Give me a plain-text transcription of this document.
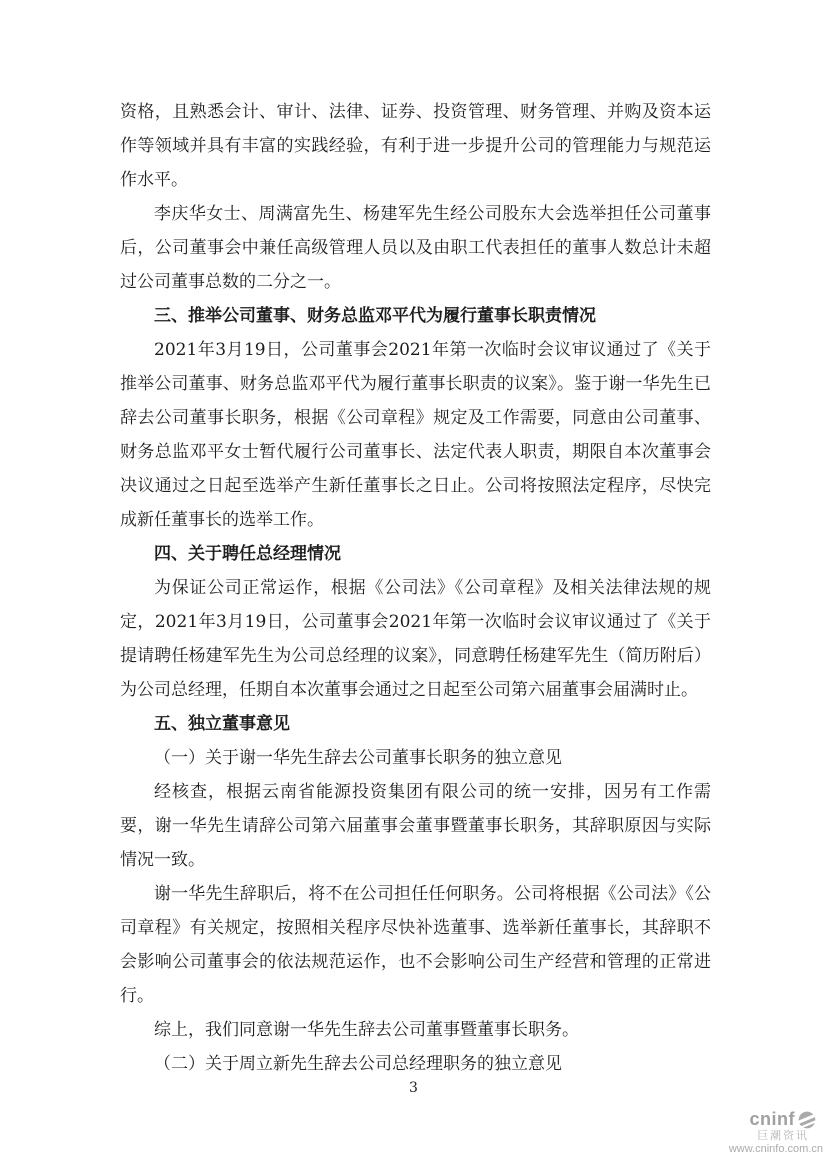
资格，且熟悉会计、审计、法律、证券、投资管理、财务管理、并购及资本运作等领域并具有丰富的实践经验，有利于进一步提升公司的管理能力与规范运作水平。

李庆华女士、周满富先生、杨建军先生经公司股东大会选举担任公司董事后，公司董事会中兼任高级管理人员以及由职工代表担任的董事人数总计未超过公司董事总数的二分之一。

三、推举公司董事、财务总监邓平代为履行董事长职责情况

2021年3月19日，公司董事会2021年第一次临时会议审议通过了《关于推举公司董事、财务总监邓平代为履行董事长职责的议案》。鉴于谢一华先生已辞去公司董事长职务，根据《公司章程》规定及工作需要，同意由公司董事、财务总监邓平女士暂代履行公司董事长、法定代表人职责，期限自本次董事会决议通过之日起至选举产生新任董事长之日止。公司将按照法定程序，尽快完成新任董事长的选举工作。

四、关于聘任总经理情况

为保证公司正常运作，根据《公司法》《公司章程》及相关法律法规的规定，2021年3月19日，公司董事会2021年第一次临时会议审议通过了《关于提请聘任杨建军先生为公司总经理的议案》，同意聘任杨建军先生（简历附后）为公司总经理，任期自本次董事会通过之日起至公司第六届董事会届满时止。

五、独立董事意见

（一）关于谢一华先生辞去公司董事长职务的独立意见

经核查，根据云南省能源投资集团有限公司的统一安排，因另有工作需要，谢一华先生请辞公司第六届董事会董事暨董事长职务，其辞职原因与实际情况一致。

谢一华先生辞职后，将不在公司担任任何职务。公司将根据《公司法》《公司章程》有关规定，按照相关程序尽快补选董事、选举新任董事长，其辞职不会影响公司董事会的依法规范运作，也不会影响公司生产经营和管理的正常进行。

综上，我们同意谢一华先生辞去公司董事暨董事长职务。

（二）关于周立新先生辞去公司总经理职务的独立意见

3
cninf
巨潮资讯
www.cninfo.com.cn
